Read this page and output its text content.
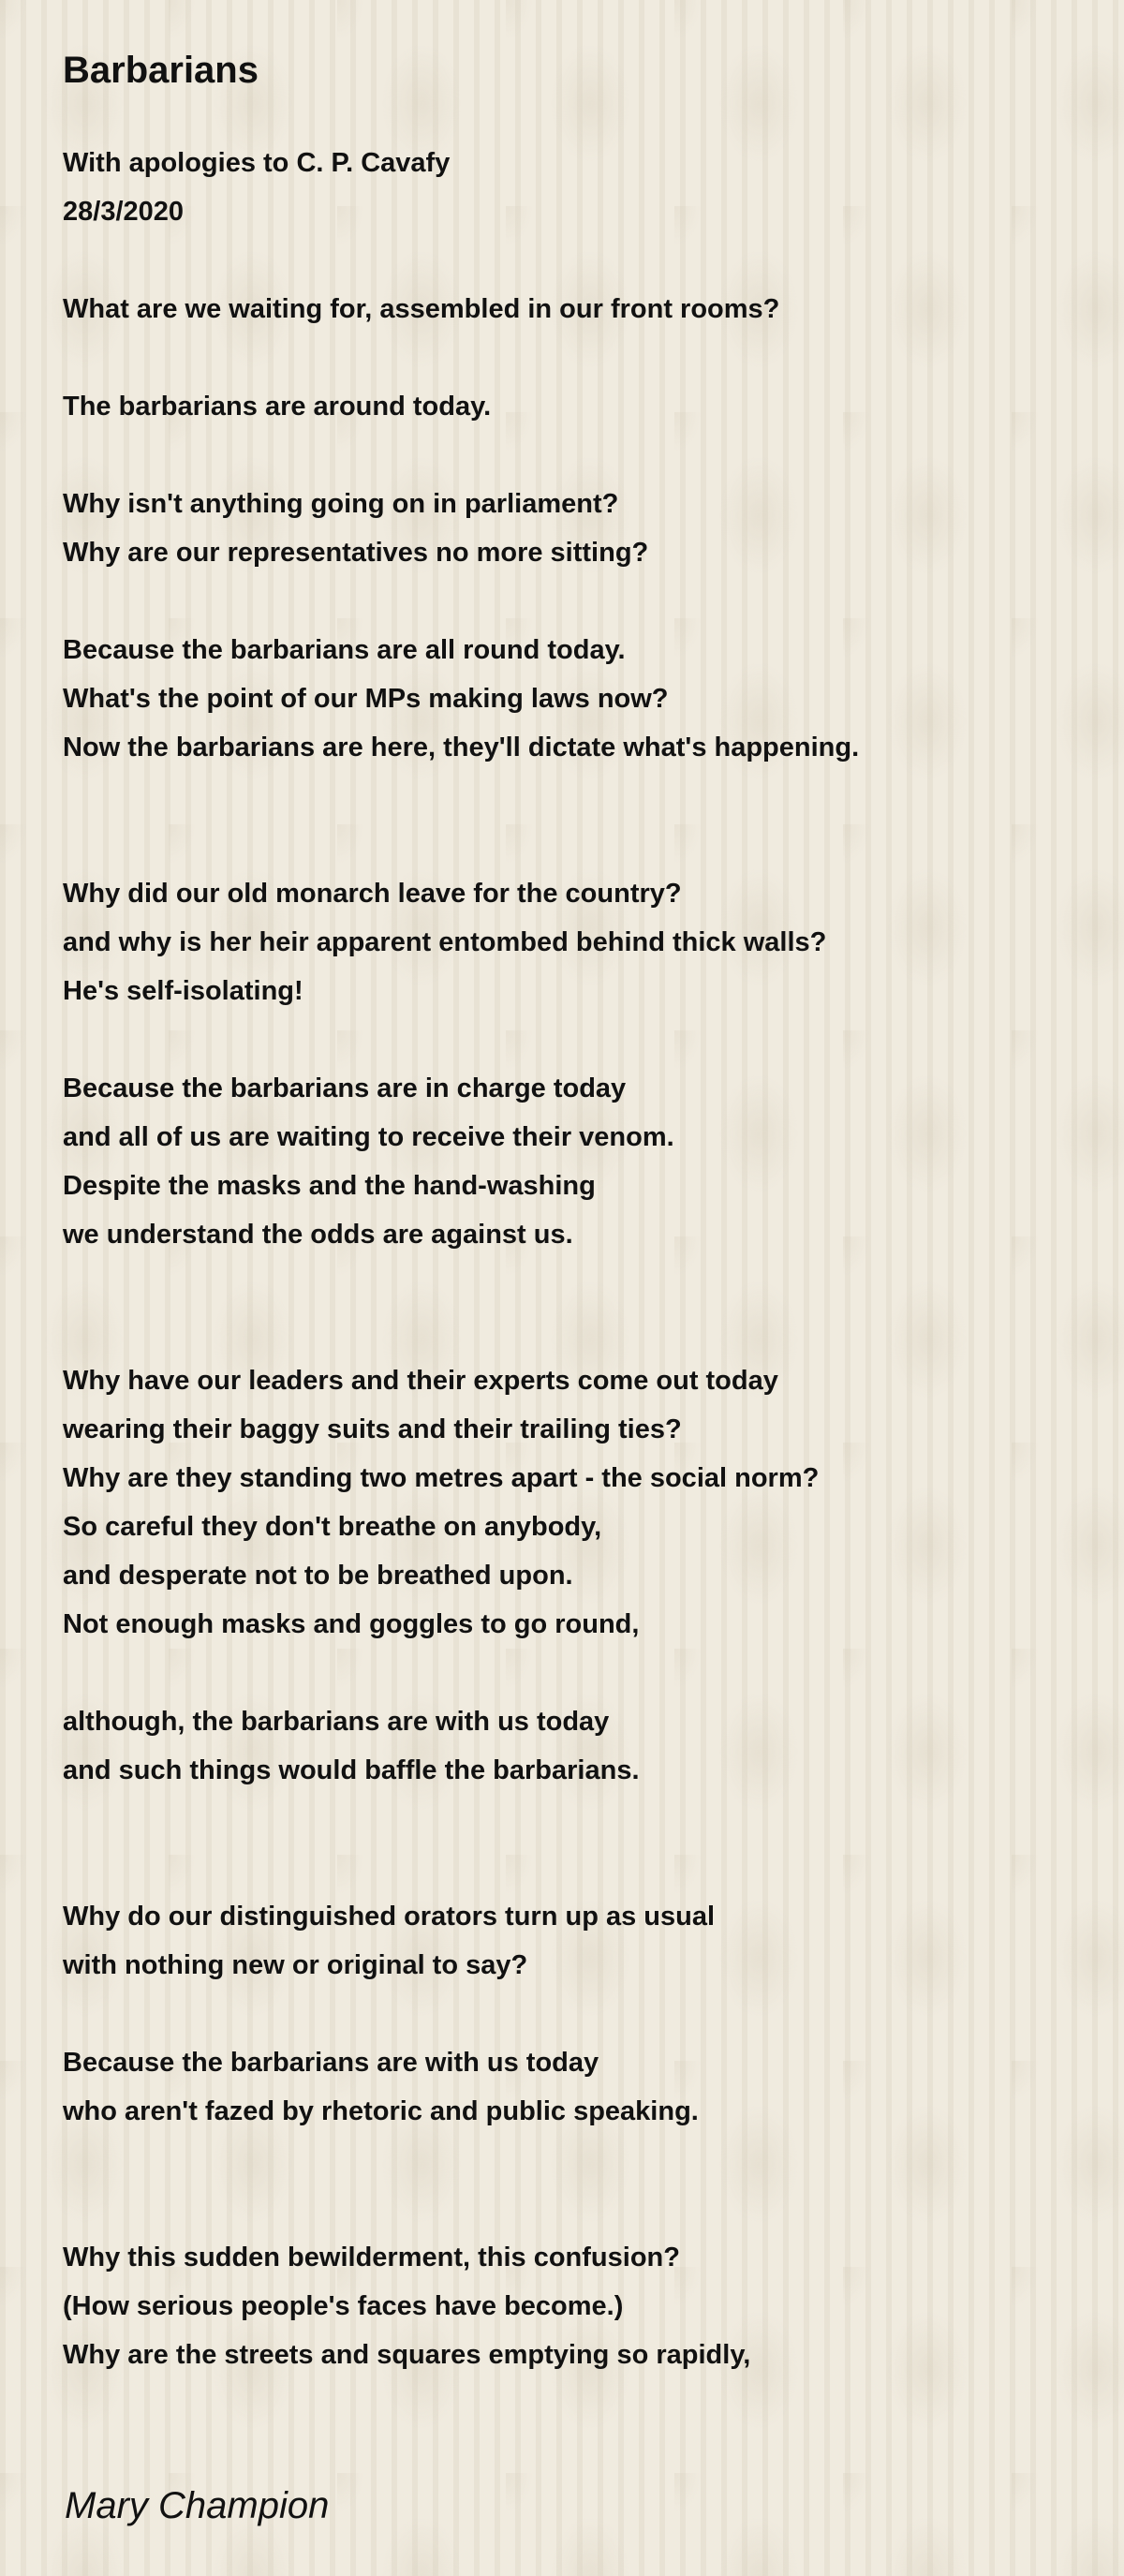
Barbarians
With apologies to C. P. Cavafy
28/3/2020
What are we waiting for, assembled in our front rooms?
The barbarians are around today.
Why isn't anything going on in parliament?
Why are our representatives no more sitting?
Because the barbarians are all round today.
What's the point of our MPs making laws now?
Now the barbarians are here, they'll dictate what's happening.
Why did our old monarch leave for the country?
and why is her heir apparent entombed behind thick walls?
He's self-isolating!
Because the barbarians are in charge today
and all of us are waiting to receive their venom.
Despite the masks and the hand-washing
we understand the odds are against us.
Why have our leaders and their experts come out today
wearing their baggy suits and their trailing ties?
Why are they standing two metres apart - the social norm?
So careful they don't breathe on anybody,
and desperate not to be breathed upon.
Not enough masks and goggles to go round,
although, the barbarians are with us today
and such things would baffle the barbarians.
Why do our distinguished orators turn up as usual
with nothing new or original to say?
Because the barbarians are with us today
who aren't fazed by rhetoric and public speaking.
Why this sudden bewilderment, this confusion?
(How serious people's faces have become.)
Why are the streets and squares emptying so rapidly,
Mary Champion
